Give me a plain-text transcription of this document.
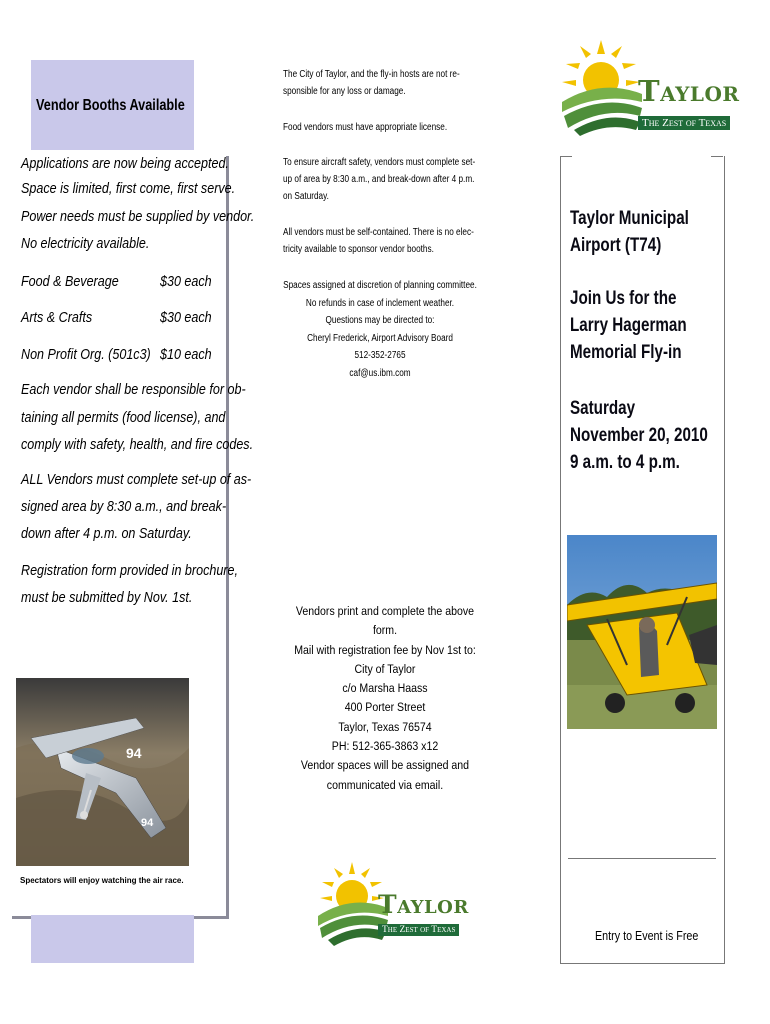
Vendor Booths Available
Applications are now being accepted.
Space is limited, first come, first serve.
Power needs must be supplied by vendor.
No electricity available.
Food & Beverage	$30 each
Arts & Crafts	$30 each
Non Profit Org. (501c3) $10 each
Each vendor shall be responsible for ob-
taining all permits (food license), and
comply with safety, health, and fire codes.
ALL Vendors must complete set-up of as-
signed area by 8:30 a.m., and break-
down after 4 p.m. on Saturday.
Registration form provided in brochure,
must be submitted by Nov. 1st.
94
94
Spectators will enjoy watching the air race.
The City of Taylor, and the fly-in hosts are not re-
sponsible for any loss or damage.
Food vendors must have appropriate license.
To ensure aircraft safety, vendors must complete set-
up of area by 8:30 a.m., and break-down after 4 p.m.
on Saturday.
All vendors must be self-contained. There is no elec-
tricity available to sponsor vendor booths.
Spaces assigned at discretion of planning committee.
No refunds in case of inclement weather.
Questions may be directed to:
Cheryl Frederick, Airport Advisory Board
512-352-2765
caf@us.ibm.com
Vendors print and complete the above
form.
Mail with registration fee by Nov 1st to:
City of Taylor
c/o Marsha Haass
400 Porter Street
Taylor, Texas 76574
PH: 512-365-3863 x12
Vendor spaces will be assigned and
communicated via email.
Taylor
The Zest of Texas
Taylor
The Zest of Texas
Taylor Municipal
Airport (T74)
Join Us for the
Larry Hagerman
Memorial Fly-in
Saturday
November 20, 2010
9 a.m. to 4 p.m.
Entry to Event is Free
